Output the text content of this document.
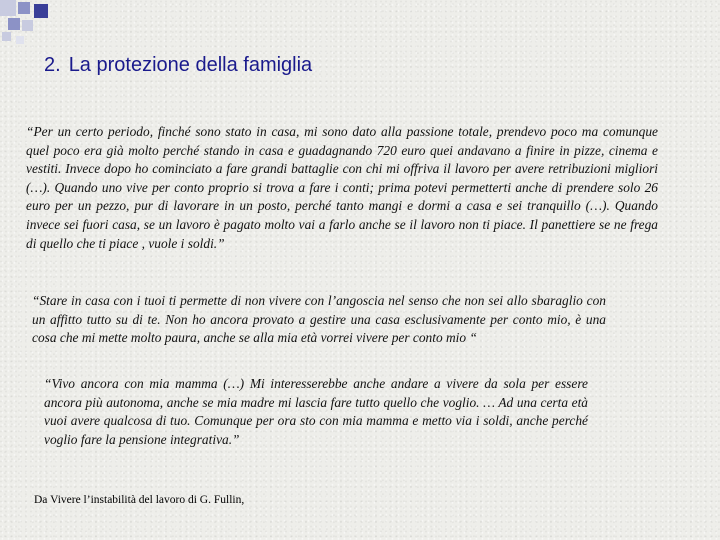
2. La protezione della famiglia

“Per un certo periodo, finché sono stato in casa, mi sono dato alla passione totale, prendevo poco ma comunque quel poco era già molto perché stando in casa e guadagnando 720 euro quei andavano a finire in pizze, cinema e vestiti. Invece dopo ho cominciato a fare grandi battaglie con chi mi offriva il lavoro per avere retribuzioni migliori (…). Quando uno vive per conto proprio si trova a fare i conti; prima potevi permetterti anche di prendere solo 26 euro per un pezzo, pur di lavorare in un posto, perché tanto mangi e dormi a casa e sei tranquillo (…). Quando invece sei fuori casa, se un lavoro è pagato molto vai a farlo anche se il lavoro non ti piace. Il panettiere se ne frega di quello che ti piace , vuole i soldi.”

“Stare in casa con i tuoi ti permette di non vivere con l’angoscia nel senso che non sei allo sbaraglio con un affitto tutto su di te. Non ho ancora provato a gestire una casa esclusivamente per conto mio, è una cosa che mi mette molto paura, anche se alla mia età vorrei vivere per conto mio “

“Vivo ancora con mia mamma (…) Mi interesserebbe anche andare a vivere da sola per essere ancora più autonoma, anche se mia madre mi lascia fare tutto quello che voglio. … Ad una certa età vuoi avere qualcosa di tuo. Comunque per ora sto con mia mamma e metto via i soldi, anche perché voglio fare la pensione integrativa.”

Da Vivere l’instabilità del lavoro di G. Fullin,
